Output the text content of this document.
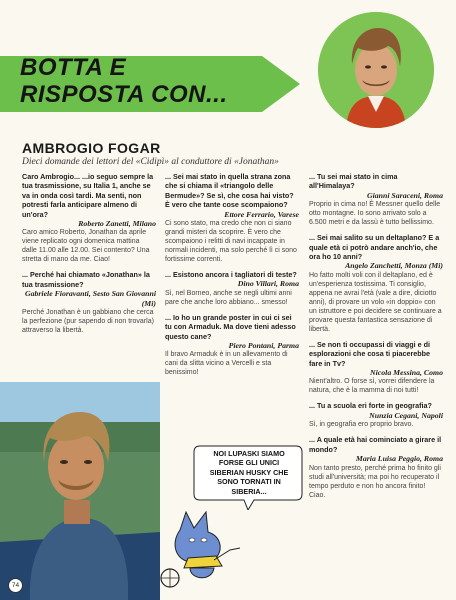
BOTTA E
RISPOSTA CON...

AMBROGIO FOGAR

Dieci domande dei lettori del «Cidipì» al conduttore di «Jonathan»
Caro Ambrogio... ...io seguo sempre la tua trasmissione, su Italia 1, anche se va in onda così tardi. Ma senti, non potresti farla anticipare almeno di un'ora?
Roberto Zanetti, Milano
Caro amico Roberto, Jonathan da aprile viene replicato ogni domenica mattina dalle 11.00 alle 12.00. Sei contento? Una stretta di mano da me. Ciao!
... Perché hai chiamato «Jonathan» la tua trasmissione?
Gabriele Fioravanti, Sesto San Giovanni (Mi)
Perché Jonathan è un gabbiano che cerca la perfezione (pur sapendo di non trovarla) attraverso la libertà.
... Sei mai stato in quella strana zona che si chiama il «triangolo delle Bermude»? Se sì, che cosa hai visto? È vero che tante cose scompaiono?
Ettore Ferrario, Varese
Ci sono stato, ma credo che non ci siano grandi misteri da scoprire. È vero che scompaiono i relitti di navi incappate in normali incidenti, ma solo perché lì ci sono fortissime correnti.
... Esistono ancora i tagliatori di teste?
Dino Villari, Roma
Sì, nel Borneo, anche se negli ultimi anni pare che anche loro abbiano... smesso!
... Io ho un grande poster in cui ci sei tu con Armaduk. Ma dove tieni adesso questo cane?
Piero Pontani, Parma
Il bravo Armaduk è in un allevamento di cani da slitta vicino a Vercelli e sta benissimo!
... Tu sei mai stato in cima all'Himalaya?
Gianni Saraceni, Roma
Proprio in cima no! È Messner quello delle otto montagne. Io sono arrivato solo a 6.500 metri e da lassù è tutto bellissimo.
... Sei mai salito su un deltaplano? E a quale età ci potrò andare anch'io, che ora ho 10 anni?
Angelo Zanchetti, Monza (Mi)
Ho fatto molti voli con il deltaplano, ed è un'esperienza tostissima. Ti consiglio, appena ne avrai l'età (vale a dire, diciotto anni), di provare un volo «in doppio» con un istruttore e poi decidere se continuare a provare questa fantastica sensazione di libertà.
... Se non ti occupassi di viaggi e di esplorazioni che cosa ti piacerebbe fare in Tv?
Nicola Messina, Como
Nient'altro. O forse sì, vorrei difendere la natura, che è la mamma di noi tutti!
... Tu a scuola eri forte in geografia?
Nunzia Cegani, Napoli
Sì, in geografia ero proprio bravo.
... A quale età hai cominciato a girare il mondo?
Maria Luisa Peggio, Roma
Non tanto presto, perché prima ho finito gli studi all'università; ma poi ho recuperato il tempo perduto e non ho ancora finito! Ciao.
NOI LUPASKI SIAMO FORSE GLI UNICI SIBERIAN HUSKY CHE SONO TORNATI IN SIBERIA...
74
